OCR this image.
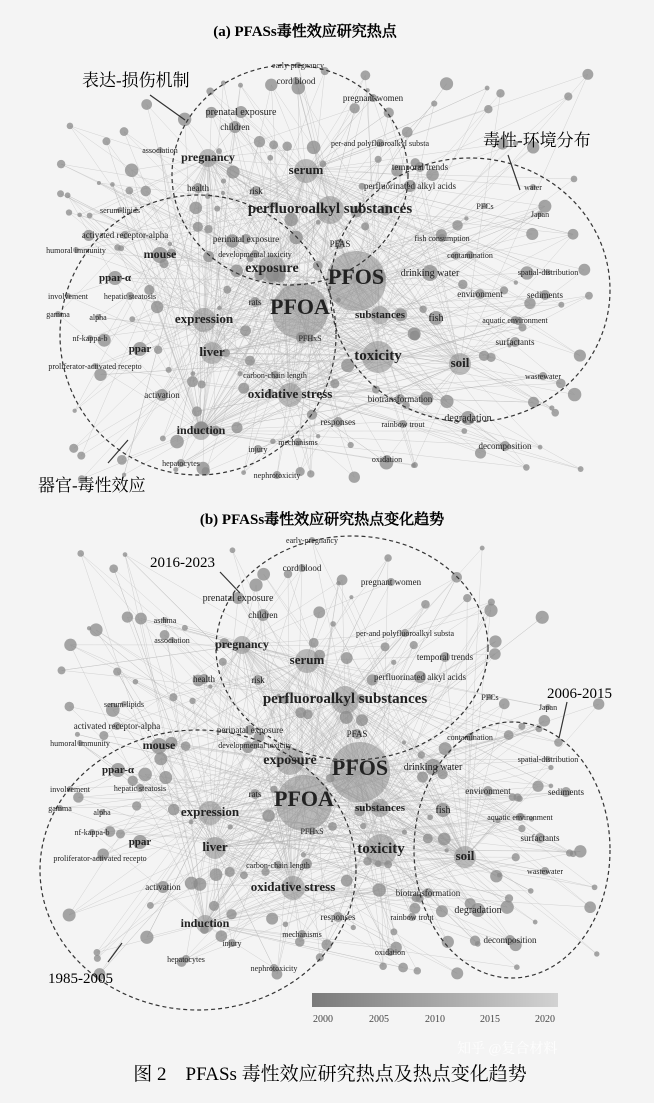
(a) PFASs毒性效应研究热点
表达-损伤机制
毒性-环境分布
器官-毒性效应
early-pregnancy
cord blood
pregnant women
prenatal exposure
children
per-and polyfluoroalkyl substa
pregnancy
serum	temporal trends
perfluorinated alkyl acids
health	risk
perfluoroalkyl substances
serum-lipids
activated receptor-alpha
PFAS
humoral immunity	mouse
perinatal exposure
exposure PFOS drinking water	spatial-distribution
ppar-α
hepatic steatosis	sediments
environment
involvement	PFOA
expression	substances fish	aquatic environment
gamma alpha
nf-kappa-b	surfactants
ppar	liver	toxicity	soil
proliferator-activated recepto
wastewater
activation	oxidative stress	biotransformation
responses	rainbow trout
induction
degradation
mechanisms
oxidation
decomposition
injury
hepatocytes
nephrotoxicity
association
Japan
water
PFCs
rats
carbon-chain length
developmental toxicity
PFHxS
contamination
fish consumption
(b) PFASs毒性效应研究热点变化趋势
2016-2023
2006-2015
1985-2005
early-pregnancy
cord blood
pregnant women
prenatal exposure
children
per-and polyfluoroalkyl substa
asthma
association pregnancy
serum	temporal trends
perfluorinated alkyl acids
health	risk
perfluoroalkyl substances
serum-lipids
activated receptor-alpha	perinatal exposure	PFAS
humoral immunity	mouse
exposure	drinking water
spatial-distribution
PFOS
ppar-α
sediments
environment
hepatic steatosis
involvement	PFOA
expression	substances	fish
gamma	alpha
aquatic environment
nf-kappa-b
surfactants
ppar	liver	toxicity	soil
proliferator-activated recepto
wastewater
activation	oxidative stress	biotransformation
degradation
responses	rainbow trout
induction
mechanisms
injury	decomposition
oxidation
hepatocytes
nephrotoxicity
Japan
PFCs
rats
carbon-chain length
developmental toxicity
PFHxS
contamination
2000	2005	2010	2015	2020
图 2    PFASs 毒性效应研究热点及热点变化趋势
知乎 @复合材料
